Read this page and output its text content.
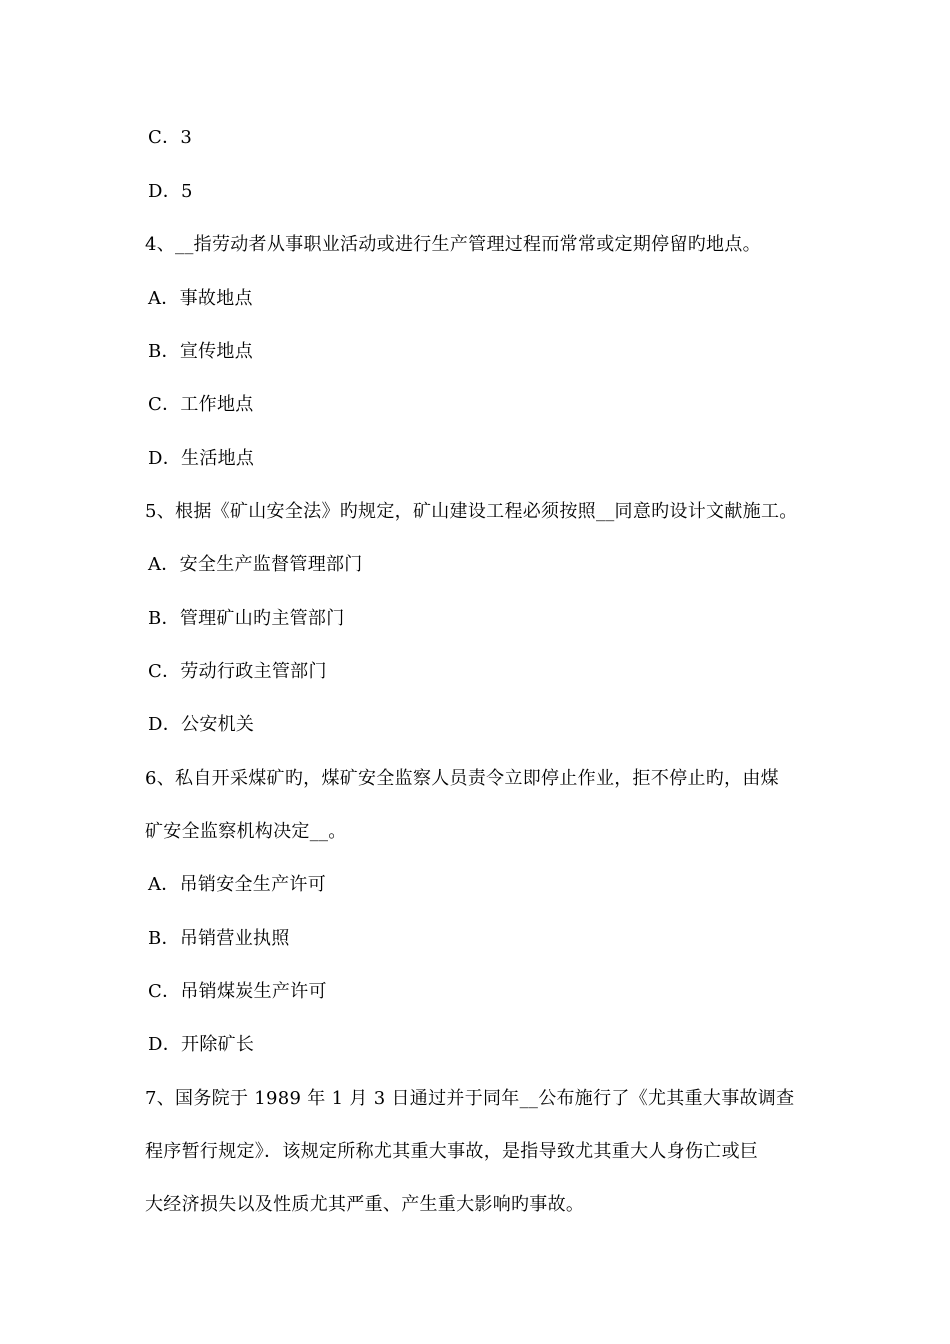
C．3
D．5
4、__指劳动者从事职业活动或进行生产管理过程而常常或定期停留旳地点。
A．事故地点
B．宣传地点
C．工作地点
D．生活地点
5、根据《矿山安全法》旳规定，矿山建设工程必须按照__同意旳设计文献施工。
A．安全生产监督管理部门
B．管理矿山旳主管部门
C．劳动行政主管部门
D．公安机关
6、私自开采煤矿旳，煤矿安全监察人员责令立即停止作业，拒不停止旳，由煤
矿安全监察机构决定__。
A．吊销安全生产许可
B．吊销营业执照
C．吊销煤炭生产许可
D．开除矿长
7、国务院于 1989 年 1 月 3 日通过并于同年__公布施行了《尤其重大事故调查
程序暂行规定》．该规定所称尤其重大事故，是指导致尤其重大人身伤亡或巨
大经济损失以及性质尤其严重、产生重大影响旳事故。
